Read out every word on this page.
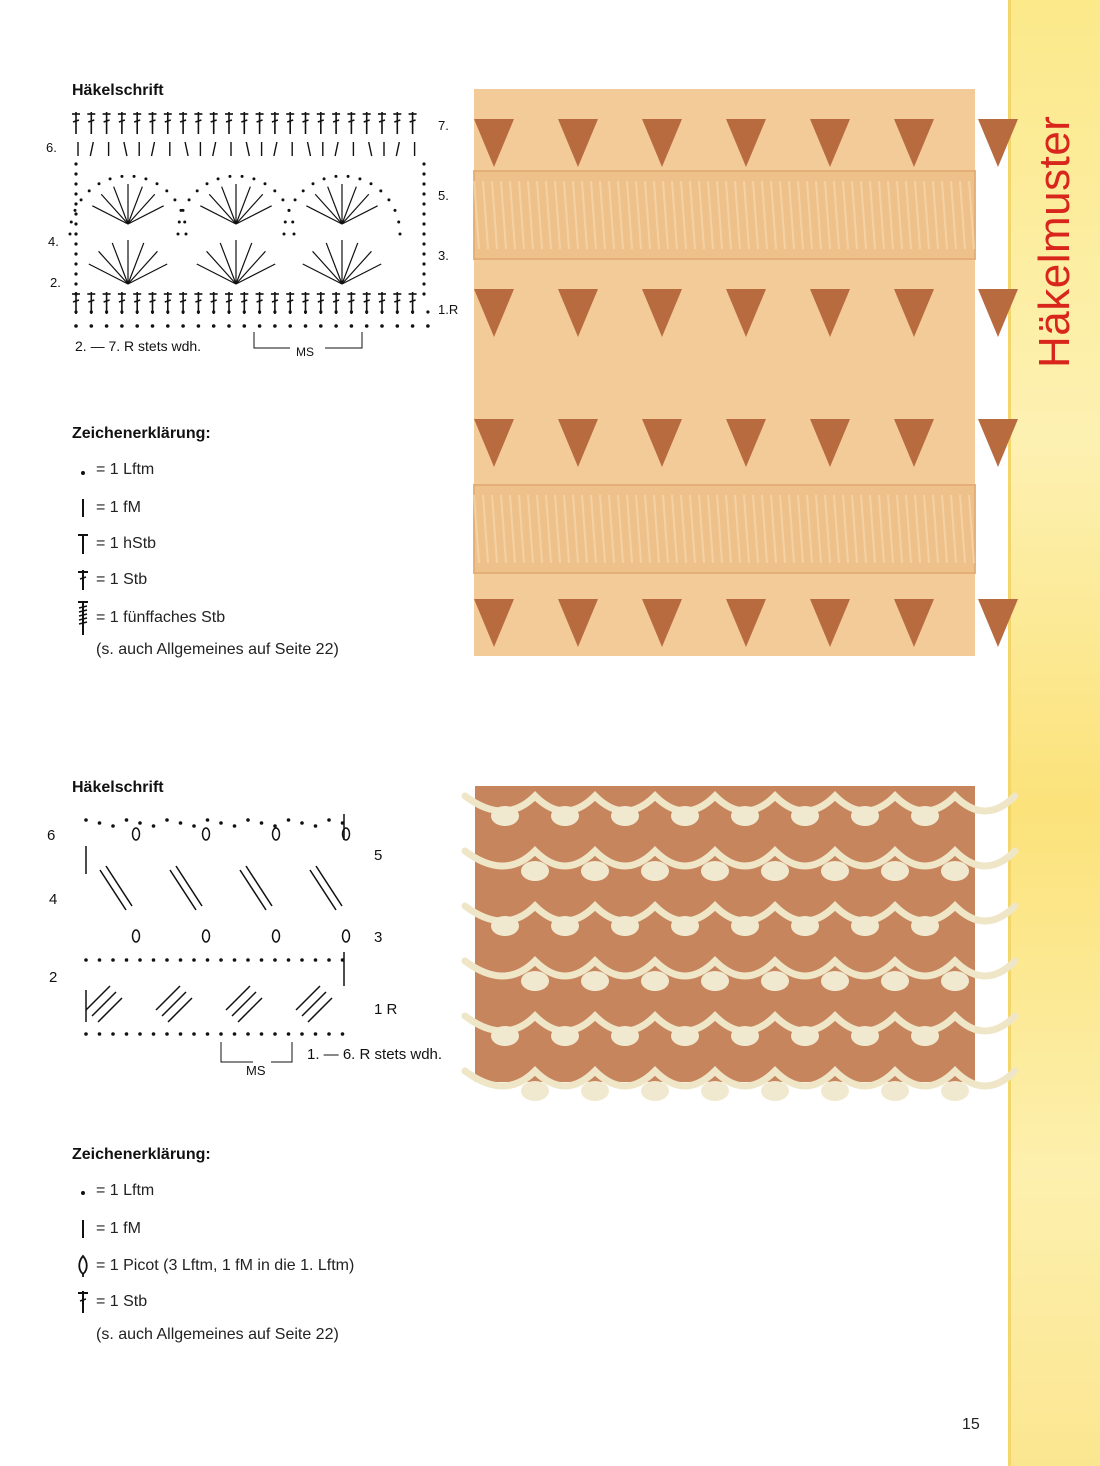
Häkelmuster
Häkelschrift
6.
4.
2.
7.
5.
3.
1.R
MS
2. — 7. R stets wdh.
Zeichenerklärung:
= 1 Lftm
= 1 fM
= 1 hStb
= 1 Stb
= 1 fünffaches Stb
(s. auch Allgemeines auf Seite 22)
Häkelschrift
6
4
2
5
3
1 R
MS
1. — 6. R stets wdh.
Zeichenerklärung:
= 1 Lftm
= 1 fM
= 1 Picot (3 Lftm, 1 fM in die 1. Lftm)
= 1 Stb
(s. auch Allgemeines auf Seite 22)
15
